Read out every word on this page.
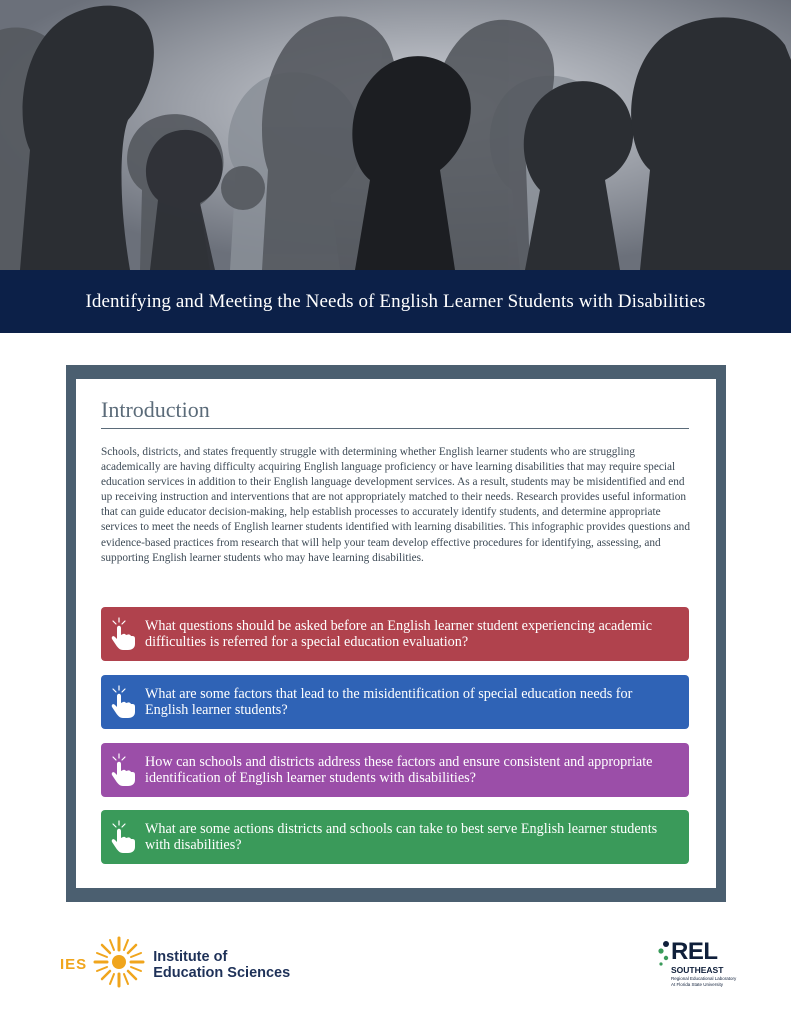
Identifying and Meeting the Needs of English Learner Students with Disabilities
Introduction

Schools, districts, and states frequently struggle with determining whether English learner students who are struggling academically are having difficulty acquiring English language proficiency or have learning disabilities that may require special education services in addition to their English language development services. As a result, students may be misidentified and end up receiving instruction and interventions that are not appropriately matched to their needs. Research provides useful information that can guide educator decision-making, help establish processes to accurately identify students, and determine appropriate services to meet the needs of English learner students identified with learning disabilities. This infographic provides questions and evidence-based practices from research that will help your team develop effective procedures for identifying, assessing, and supporting English learner students who may have learning disabilities.

What questions should be asked before an English learner student experiencing academic difficulties is referred for a special education evaluation?
What are some factors that lead to the misidentification of special education needs for English learner students?
How can schools and districts address these factors and ensure consistent and appropriate identification of English learner students with disabilities?
What are some actions districts and schools can take to best serve English learner students with disabilities?
IES	Institute of
Education Sciences
REL
SOUTHEAST
Regional Educational Laboratory
At Florida State University
